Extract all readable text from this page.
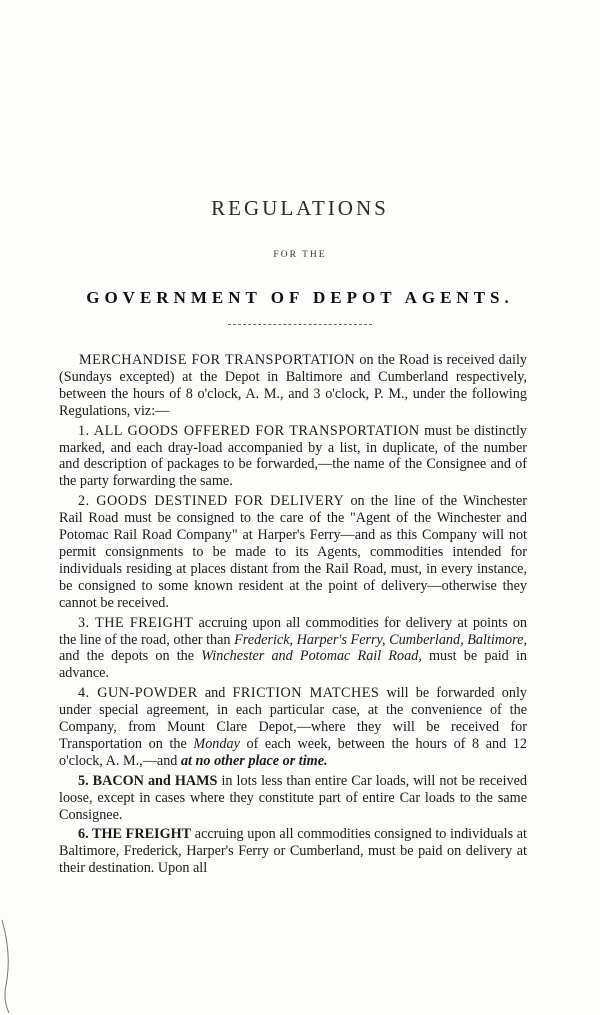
REGULATIONS
FOR THE
GOVERNMENT OF DEPOT AGENTS.

MERCHANDISE FOR TRANSPORTATION on the Road is received daily (Sundays excepted) at the Depot in Baltimore and Cumberland respectively, between the hours of 8 o'clock, A. M., and 3 o'clock, P. M., under the following Regulations, viz:—

1. ALL GOODS OFFERED FOR TRANSPORTATION must be distinctly marked, and each dray-load accompanied by a list, in duplicate, of the number and description of packages to be forwarded,—the name of the Consignee and of the party forwarding the same.

2. GOODS DESTINED FOR DELIVERY on the line of the Winchester Rail Road must be consigned to the care of the "Agent of the Winchester and Potomac Rail Road Company" at Harper's Ferry—and as this Company will not permit consignments to be made to its Agents, commodities intended for individuals residing at places distant from the Rail Road, must, in every instance, be consigned to some known resident at the point of delivery—otherwise they cannot be received.

3. THE FREIGHT accruing upon all commodities for delivery at points on the line of the road, other than Frederick, Harper's Ferry, Cumberland, Baltimore, and the depots on the Winchester and Potomac Rail Road, must be paid in advance.

4. GUN-POWDER and FRICTION MATCHES will be forwarded only under special agreement, in each particular case, at the convenience of the Company, from Mount Clare Depot,—where they will be received for Transportation on the Monday of each week, between the hours of 8 and 12 o'clock, A. M.,—and at no other place or time.

5. BACON and HAMS in lots less than entire Car loads, will not be received loose, except in cases where they constitute part of entire Car loads to the same Consignee.

6. THE FREIGHT accruing upon all commodities consigned to individuals at Baltimore, Frederick, Harper's Ferry or Cumberland, must be paid on delivery at their destination. Upon all
